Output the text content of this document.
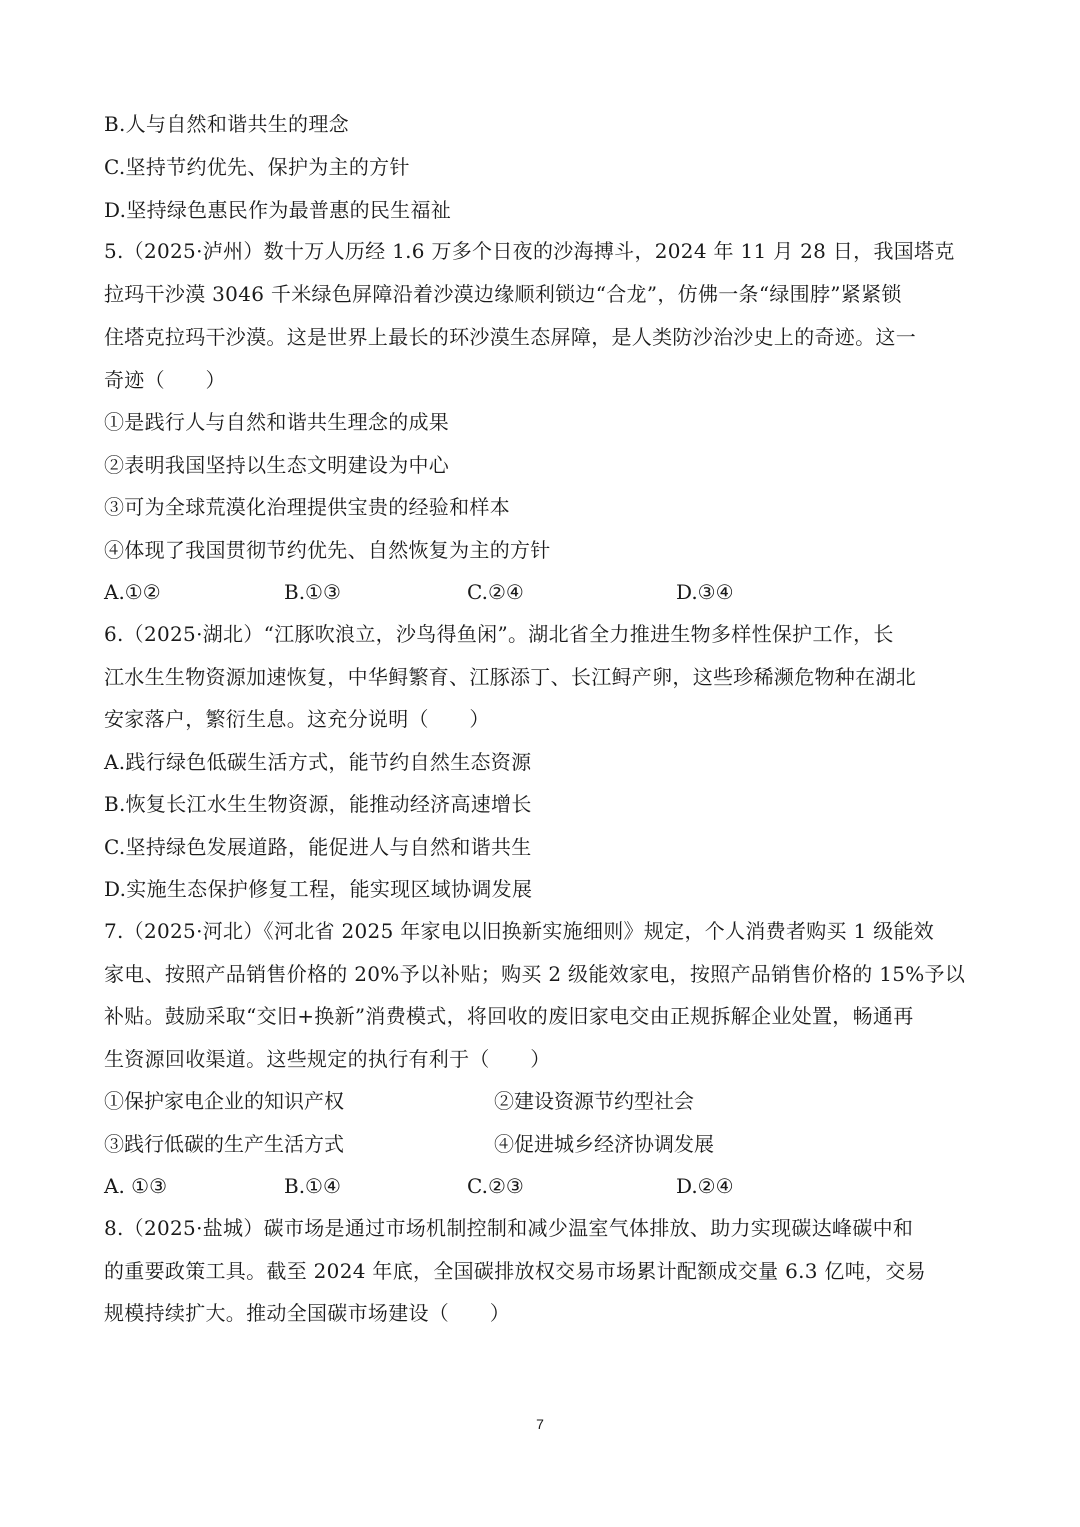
B.人与自然和谐共生的理念
C.坚持节约优先、保护为主的方针
D.坚持绿色惠民作为最普惠的民生福祉
5.（2025·泸州）数十万人历经 1.6 万多个日夜的沙海搏斗，2024 年 11 月 28 日，我国塔克
拉玛干沙漠 3046 千米绿色屏障沿着沙漠边缘顺利锁边“合龙”，仿佛一条“绿围脖”紧紧锁
住塔克拉玛干沙漠。这是世界上最长的环沙漠生态屏障，是人类防沙治沙史上的奇迹。这一
奇迹（　　）
①是践行人与自然和谐共生理念的成果
②表明我国坚持以生态文明建设为中心
③可为全球荒漠化治理提供宝贵的经验和样本
④体现了我国贯彻节约优先、自然恢复为主的方针
A.①②	B.①③	C.②④	D.③④
6.（2025·湖北）“江豚吹浪立，沙鸟得鱼闲”。湖北省全力推进生物多样性保护工作，长
江水生生物资源加速恢复，中华鲟繁育、江豚添丁、长江鲟产卵，这些珍稀濒危物种在湖北
安家落户，繁衍生息。这充分说明（　　）
A.践行绿色低碳生活方式，能节约自然生态资源
B.恢复长江水生生物资源，能推动经济高速增长
C.坚持绿色发展道路，能促进人与自然和谐共生
D.实施生态保护修复工程，能实现区域协调发展
7.（2025·河北）《河北省 2025 年家电以旧换新实施细则》规定，个人消费者购买 1 级能效
家电、按照产品销售价格的 20%予以补贴；购买 2 级能效家电，按照产品销售价格的 15%予以
补贴。鼓励采取“交旧+换新”消费模式，将回收的废旧家电交由正规拆解企业处置，畅通再
生资源回收渠道。这些规定的执行有利于（　　）
①保护家电企业的知识产权	②建设资源节约型社会
③践行低碳的生产生活方式	④促进城乡经济协调发展
A. ①③	B.①④	C.②③	D.②④
8.（2025·盐城）碳市场是通过市场机制控制和减少温室气体排放、助力实现碳达峰碳中和
的重要政策工具。截至 2024 年底，全国碳排放权交易市场累计配额成交量 6.3 亿吨，交易
规模持续扩大。推动全国碳市场建设（　　）
7
